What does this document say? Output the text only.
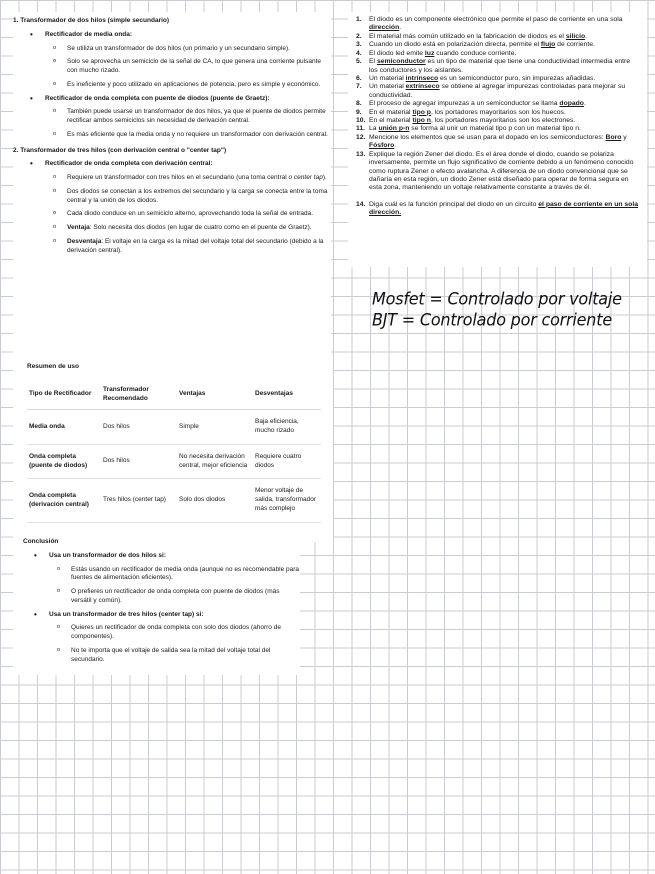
1. Transformador de dos hilos (simple secundario)
• Rectificador de media onda:
o Se utiliza un transformador de dos hilos (un primario y un secundario simple).
o Solo se aprovecha un semiciclo de la señal de CA, lo que genera una corriente pulsante con mucho rizado.
o Es ineficiente y poco utilizado en aplicaciones de potencia, pero es simple y económico.
• Rectificador de onda completa con puente de diodos (puente de Graetz):
o También puede usarse un transformador de dos hilos, ya que el puente de diodos permite rectificar ambos semiciclos sin necesidad de derivación central.
o Es más eficiente que la media onda y no requiere un transformador con derivación central.
2. Transformador de tres hilos (con derivación central o "center tap")
• Rectificador de onda completa con derivación central:
o Requiere un transformador con tres hilos en el secundario (una toma central o center tap).
o Dos diodos se conectan a los extremos del secundario y la carga se conecta entre la toma central y la unión de los diodos.
o Cada diodo conduce en un semiciclo alterno, aprovechando toda la señal de entrada.
o Ventaja: Solo necesita dos diodos (en lugar de cuatro como en el puente de Graetz).
o Desventaja: El voltaje en la carga es la mitad del voltaje total del secundario (debido a la derivación central).
Resumen de uso
Tipo de Rectificador	Transformador Recomendado	Ventajas	Desventajas
Media onda	Dos hilos	Simple	Baja eficiencia, mucho rizado
Onda completa (puente de diodos)	Dos hilos	No necesita derivación central, mejor eficiencia	Requiere cuatro diodos
Onda completa (derivación central)	Tres hilos (center tap)	Solo dos diodos	Menor voltaje de salida, transformador más complejo
Conclusión
• Usa un transformador de dos hilos si:
o Estás usando un rectificador de media onda (aunque no es recomendable para fuentes de alimentación eficientes).
o O prefieres un rectificador de onda completa con puente de diodos (más versátil y común).
• Usa un transformador de tres hilos (center tap) si:
o Quieres un rectificador de onda completa con solo dos diodos (ahorro de componentes).
o No te importa que el voltaje de salida sea la mitad del voltaje total del secundario.
1.	El diodo es un componente electrónico que permite el paso de corriente en una sola dirección.
2.	El material más común utilizado en la fabricación de diodos es el silicio.
3.	Cuando un diodo está en polarización directa, permite el flujo de corriente.
4.	El diodo led emite luz cuando conduce corriente.
5.	El semiconductor es un tipo de material que tiene una conductividad intermedia entre los conductores y los aislantes.
6.	Un material intrínseco es un semiconductor puro, sin impurezas añadidas.
7.	Un material extrínseco se obtiene al agregar impurezas controladas para mejorar su conductividad.
8.	El proceso de agregar impurezas a un semiconductor se llama dopado.
9.	En el material tipo p, los portadores mayoritarios son los huecos.
10. En el material tipo n, los portadores mayoritarios son los electrones.
11. La unión p-n se forma al unir un material tipo p con un material tipo n.
12. Mencione los elementos que se usan para el dopado en los semiconductores: Boro y Fósforo.
13. Explique la región Zener del diodo. Es el área donde el diodo, cuando se polariza inversamente, permite un flujo significativo de corriente debido a un fenómeno conocido como ruptura Zener o efecto avalancha. A diferencia de un diodo convencional que se dañaría en esta región, un diodo Zener está diseñado para operar de forma segura en esta zona, manteniendo un voltaje relativamente constante a través de él.
14. Diga cuál es la función principal del diodo en un circuito el paso de corriente en un sola dirección.
Mosfet = Controlado por voltaje
BJT = Controlado por corriente
